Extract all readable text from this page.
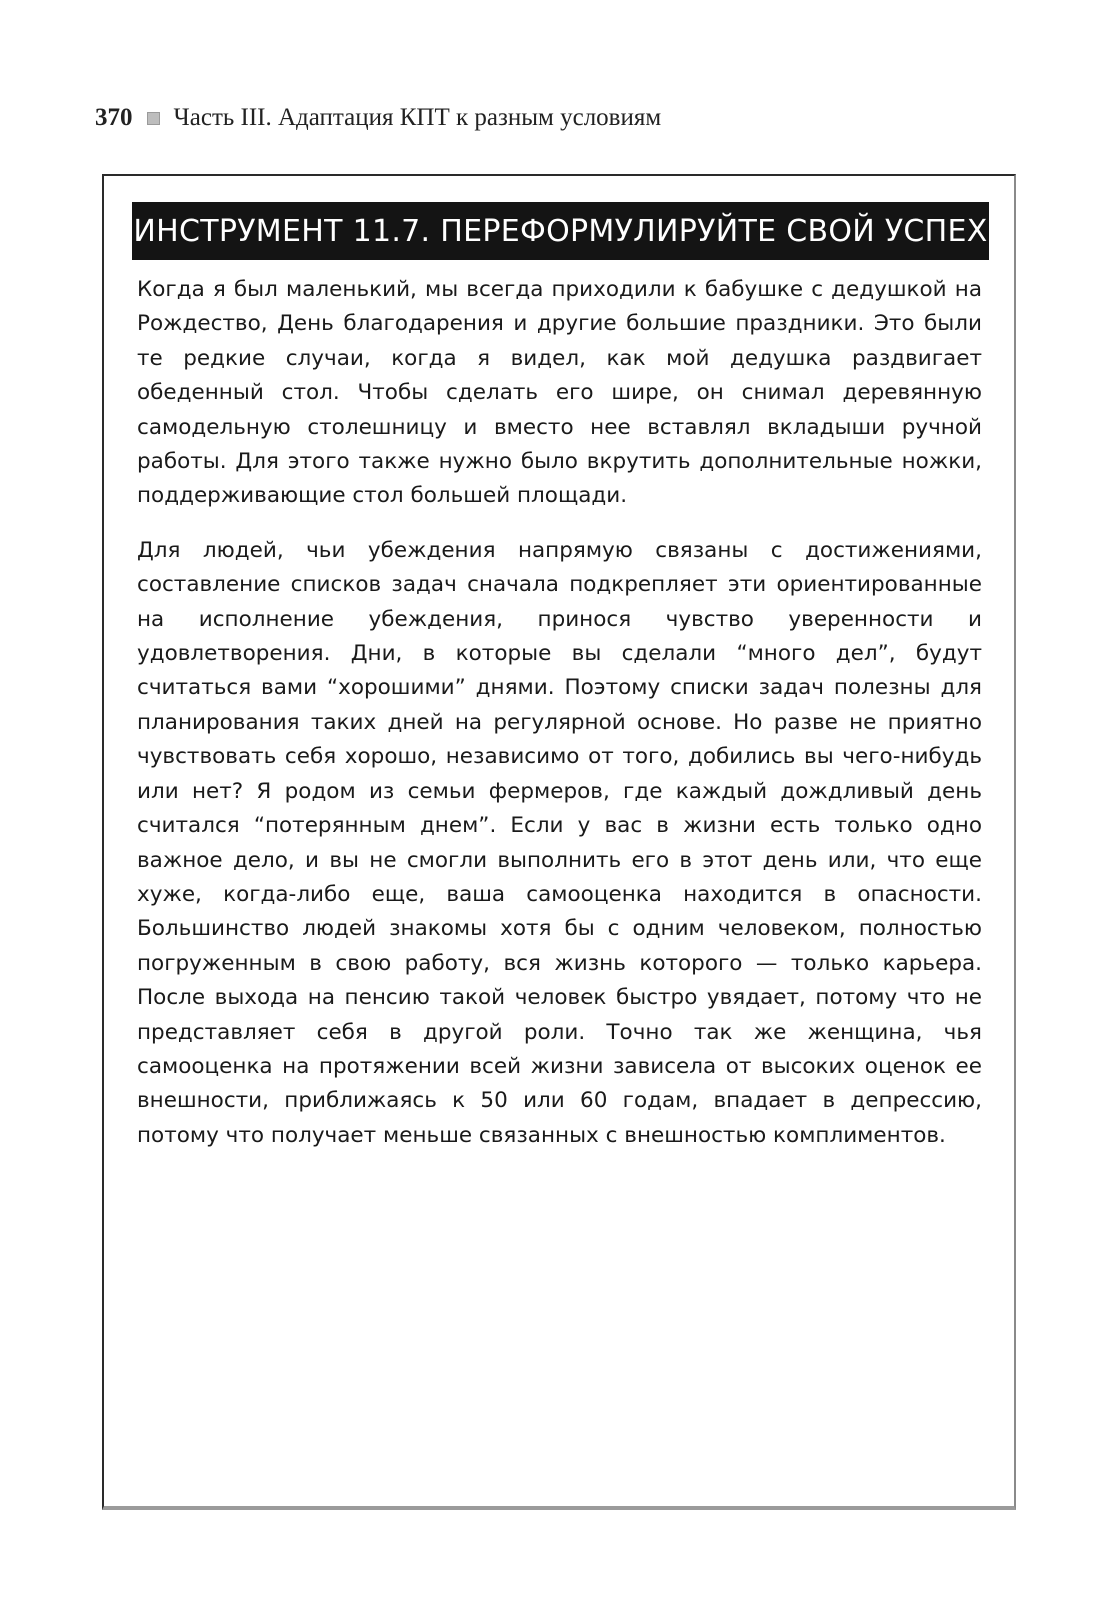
370 Часть III. Адаптация КПТ к разным условиям
ИНСТРУМЕНТ 11.7. ПЕРЕФОРМУЛИРУЙТЕ СВОЙ УСПЕХ

Когда я был маленький, мы всегда приходили к бабушке с дедушкой на Рождество, День благодарения и другие большие праздники. Это были те редкие случаи, когда я видел, как мой дедушка раздвигает обеденный стол. Чтобы сделать его шире, он снимал деревянную самодельную столешницу и вместо нее вставлял вкладыши ручной работы. Для этого также нужно было вкрутить дополнительные ножки, поддерживающие стол большей площади.

Для людей, чьи убеждения напрямую связаны с достижениями, составление списков задач сначала подкрепляет эти ориентированные на исполнение убеждения, принося чувство уверенности и удовлетворения. Дни, в которые вы сделали “много дел”, будут считаться вами “хорошими” днями. Поэтому списки задач полезны для планирования таких дней на регулярной основе. Но разве не приятно чувствовать себя хорошо, независимо от того, добились вы чего-нибудь или нет? Я родом из семьи фермеров, где каждый дождливый день считался “потерянным днем”. Если у вас в жизни есть только одно важное дело, и вы не смогли выполнить его в этот день или, что еще хуже, когда-либо еще, ваша самооценка находится в опасности. Большинство людей знакомы хотя бы с одним человеком, полностью погруженным в свою работу, вся жизнь которого — только карьера. После выхода на пенсию такой человек быстро увядает, потому что не представляет себя в другой роли. Точно так же женщина, чья самооценка на протяжении всей жизни зависела от высоких оценок ее внешности, приближаясь к 50 или 60 годам, впадает в депрессию, потому что получает меньше связанных с внешностью комплиментов.
